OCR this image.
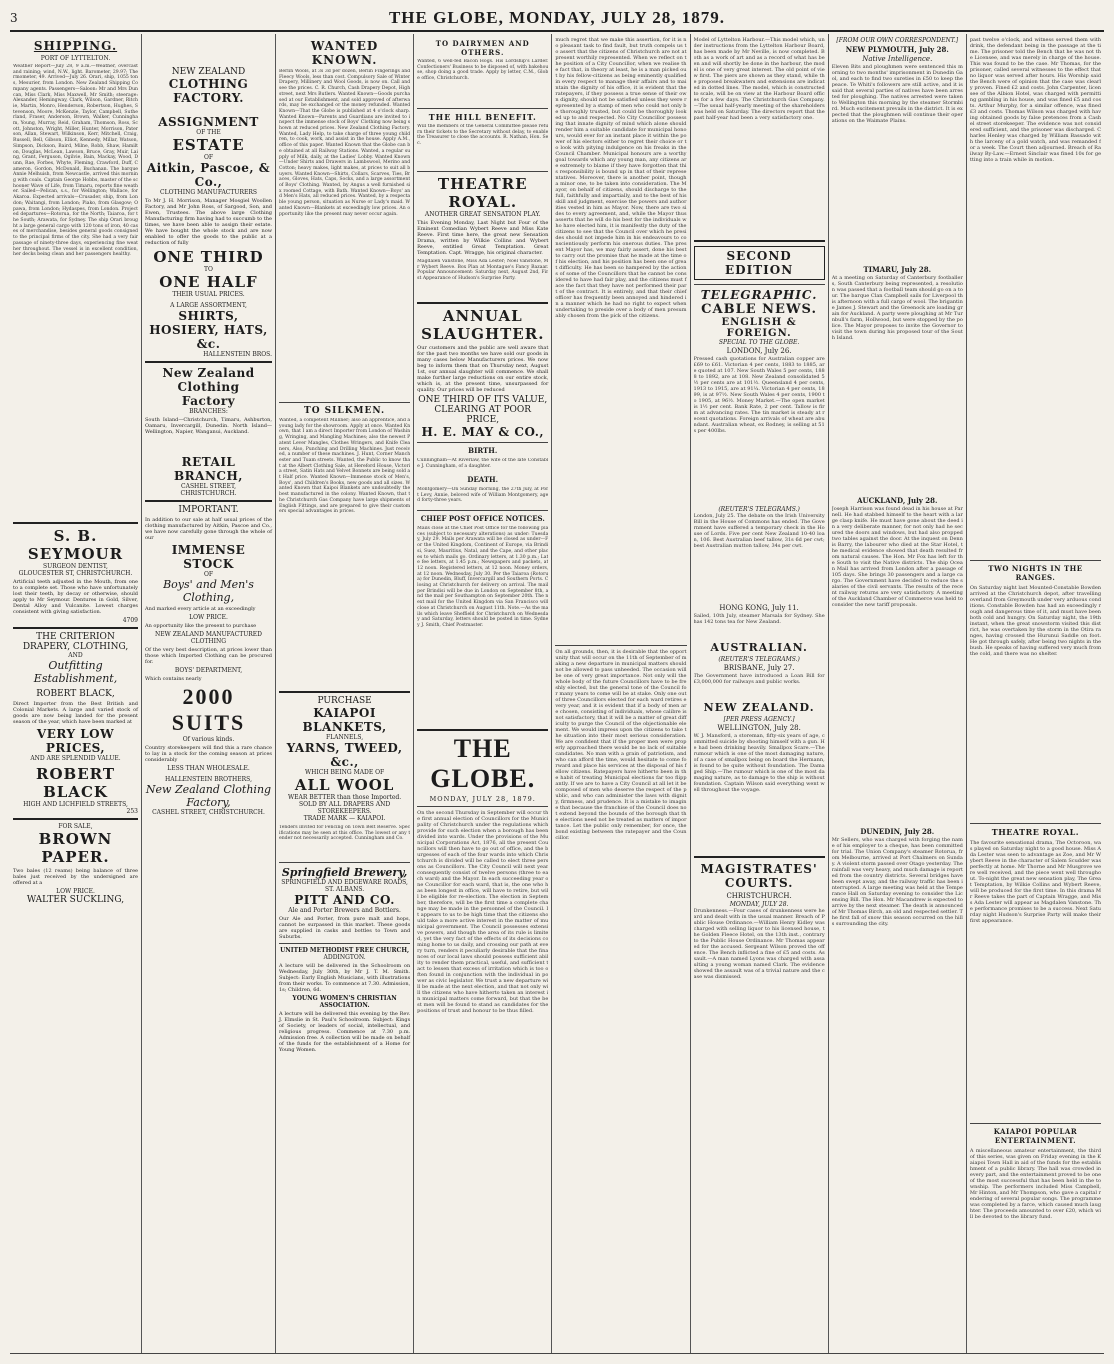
3	THE GLOBE, MONDAY, JULY 28, 1879.
SHIPPING.
PORT OF LYTTELTON.
Weather Report—July 28, 9 a.m.—Weather, overcast and raining; wind, N.W., light. Barometer, 29.97; Thermometer, 49. Arrived—July 26. Orari, ship, 1055 tons, Mesurier, from London. New Zealand Shipping Company agents. Passengers—Saloon: Mr and Mrs Duncan, Miss Clark, Miss Maxwell, Mr Smith; steerage: Alexander, Hemingway, Clark, Wilson, Gardner, Ritchie, Martin, Monro, Henderson, Robertson, Hughes, Stevenson, Moore, McKenzie, Taylor, Campbell, Sutherland, Fraser, Anderson, Brown, Walker, Cunningham, Young, Murray, Reid, Graham, Thomson, Ross, Scott, Johnston, Wright, Miller, Hunter, Morrison, Paterson, Allan, Stewart, Wilkinson, Kerr, Mitchell, Craig, Russell, Bell, Gibson, Elliot, Kennedy, Millar, Watson, Simpson, Dickson, Baird, Milne, Robb, Shaw, Hamilton, Douglas, McLean, Lawson, Bruce, Gray, Muir, Laing, Grant, Ferguson, Ogilvie, Bain, Mackay, Wood, Dunn, Rae, Forbes, Whyte, Fleming, Crawford, Duff, Cameron, Gordon, McDonald, Buchanan. The barque Annie Melhuish, from Newcastle, arrived this morning with coals. Captain George Hobbs, master of the schooner Wave of Life, from Timaru, reports fine weather. Sailed—Pelican, s.s., for Wellington; Wallace, for Akaroa. Expected arrivals—Crusader, ship, from London; Waitangi, from London; Piako, from Glasgow; Opawa, from London; Hydaspes, from London. Projected departures—Rotorua, for the North; Taiaroa, for the South; Arawata, for Sydney. The ship Orari brought a large general cargo with 120 tons of iron, 40 cases of merchandise, besides general goods consigned to the principal firms of the city. She had a very fair passage of ninety-three days, experiencing fine weather throughout. The vessel is in excellent condition, her decks being clean and her passengers healthy.
S. B. SEYMOUR
SURGEON DENTIST,
GLOUCESTER ST, CHRISTCHURCH.

Artificial teeth adjusted in the Mouth, from one to a complete set. Those who have unfortunately lost their teeth, by decay or otherwise, should apply to Mr Seymour. Dentures in Gold, Silver, Dental Alloy and Vulcanite. Lowest charges consistent with giving satisfaction.

4709
THE CRITERION
DRAPERY, CLOTHING,
AND
Outfitting Establishment,
ROBERT BLACK,

Direct Importer from the Best British and Colonial Markets. A large and varied stock of goods are now being landed for the present season of the year, which have been marked at

VERY LOW PRICES,
AND ARE SPLENDID VALUE.
ROBERT BLACK
HIGH AND LICHFIELD STREETS,
253
FOR SALE,
BROWN PAPER.

Two bales (12 reams) being balance of three bales just received by the undersigned are offered at a

LOW PRICE.
WALTER SUCKLING,
NEW ZEALAND
CLOTHING FACTORY.
ASSIGNMENT
OF THE
ESTATE
OF
Aitkin, Pascoe, & Co.,
CLOTHING MANUFACTURERS

To Mr J. H. Morrison, Manager Mosgiel Woollen Factory, and Mr John Ross, of Sargood, Son, and Ewen, Trustees. The above large Clothing Manufacturing firm having had to succumb to the times, we have been able to assign their estate. We have bought the whole stock and are now enabled to offer the goods to the public at a reduction of fully

ONE THIRD
TO
ONE HALF
THEIR USUAL PRICES.
A LARGE ASSORTMENT,
SHIRTS, HOSIERY, HATS, &c.
HALLENSTEIN BROS.
New Zealand Clothing
Factory
BRANCHES:

South Island—Christchurch, Timaru, Ashburton, Oamaru, Invercargill, Dunedin. North Island—Wellington, Napier, Wanganui, Auckland.

RETAIL BRANCH,
CASHEL STREET,
CHRISTCHURCH.
IMPORTANT.

In addition to our sale at half usual prices of the clothing manufactured by Aitkin, Pascoe and Co., we have now carefully gone through the whole of our

IMMENSE STOCK
OF
Boys' and Men's Clothing,

And marked every article at an exceedingly

LOW PRICE.

An opportunity like the present to purchase

NEW ZEALAND MANUFACTURED CLOTHING

Of the very best description, at prices lower than those which Imported Clothing can be procured for.

BOYS' DEPARTMENT,

Which contains nearly

2000 SUITS
Of various kinds.

Country storekeepers will find this a rare chance to lay in a stock for the coming season at prices considerably

LESS THAN WHOLESALE.
HALLENSTEIN BROTHERS,
New Zealand Clothing
Factory,
CASHEL STREET, CHRISTCHURCH.
WANTED KNOWN.
Berlin Wools, at 3s 3d per dozen, Berlin Fingerings and Fleecy Wools, less than cost. Compulsory Sale of Winter Drapery, Millinery and Wool Goods, is now on. Call and see the prices. C. R. Church, Cash Drapery Depot, High street, next Mrs Butlers. Wanted Known—Goods purchased at our Establishment, and sold approved of afterwards, may be exchanged or the money refunded. Wanted Known—That the Globe is published at 4 o'clock sharp. Wanted Known—Parents and Guardians are invited to inspect the immense stock of Boys' Clothing now being shown at reduced prices. New Zealand Clothing Factory. Wanted, Lady Help, to take charge of three young children, to cook, work, and assist in the house. Apply A.M., office of this paper. Wanted Known that the Globe can be obtained at all Railway Stations. Wanted, a regular supply of Milk, daily, at the Ladies' Lobby. Wanted Known—Under Shirts and Drawers in Lambswool, Merino and Cotton; heavy makes, light makes, at prices to suit all buyers. Wanted Known—Shirts, Collars, Scarves, Ties, Braces, Gloves, Hats, Caps, Socks, and a large assortment of Boys' Clothing. Wanted, by Angus a well furnished six roomed Cottage, with Bath. Wanted Known—Boys' and Men's Hats, all reduced prices. Wanted, by a respectable young person, situation as Nurse or Lady's maid. Wanted Known—Blankets at exceedingly low prices. An opportunity like the present may never occur again.
TO SILKMEN.
Wanted, a competent Milliner; also an apprentice, and a young lady for the showroom. Apply at once. Wanted Known, that I am a direct Importer from London of Washing, Wringing, and Mangling Machines; also the newest Patent Lever Mangles, Clothes Wringers, and Knife Cleaners, Also, Punching and Drilling Machines. Just received, a number of these machines. J. Hunt, Corner Manchester and Tuam streets. Wanted, the Public to know that at the Albert Clothing Sale, at Hereford House, Victoria street, Satin Hats and Velvet Bonnets are being sold at Half price. Wanted Known—Immense stock of Men's, Boys', and Children's Books, new goods and all sizes. Wanted Known that Kaipoi Blankets are undoubtedly the best manufactured in the colony. Wanted Known, that the Christchurch Gas Company have large shipments of English Fittings, and are prepared to give their customers special advantages in prices.
PURCHASE
KAIAPOI BLANKETS,
FLANNELS,
YARNS, TWEED, &c.,
WHICH BEING MADE OF
ALL WOOL
WEAR BETTER than those Imported.
SOLD BY ALL DRAPERS AND STOREKEEPERS.
TRADE MARK — KAIAPOI.
Tenders invited for Fencing on Town Belt Reserve. Specifications may be seen at this office. The lowest or any tender not necessarily accepted. Cunningham and Co.
Springfield Brewery,
SPRINGFIELD AND EDGEWARE ROADS, ST. ALBANS.
PITT AND CO.
Ale and Porter Brewers and Bottlers.

Our Ale and Porter, from pure malt and hops, cannot be surpassed in this market. These goods are supplied in casks and bottles to Town and Suburbs.

UNITED METHODIST FREE CHURCH,
ADDINGTON.

A lecture will be delivered in the Schoolroom on Wednesday, July 30th, by Mr J. T. M. Smith. Subject: Early English Musicians, with illustrations from their works. To commence at 7.30. Admission, 1s; Children, 6d.

YOUNG WOMEN'S CHRISTIAN ASSOCIATION.

A lecture will be delivered this evening by the Rev. J. Elmslie in St. Paul's Schoolroom. Subject: Kings of Society, or leaders of social, intellectual, and religious progress. Commence at 7.30 p.m. Admission free. A collection will be made on behalf of the funds for the establishment of a Home for Young Women.

TO DAIRYMEN AND OTHERS.
Wanted, 6 well-fed Bacon Hogs. His Lordship's Larder. Confectioners' Business to be disposed of, with bakehouse, shop doing a good trade. Apply by letter, C.M., Globe office, Christchurch.
THE HILL BENEFIT.
Will the members of the General Committee please return their tickets to the Secretary without delay, to enable the Treasurer to close the accounts. R. Nathan, Hon. Sec.
THEATRE ROYAL.
ANOTHER GREAT SENSATION PLAY.

This Evening Monday, Last Night but Four of the Eminent Comedian Wybert Reeve and Miss Kate Reeve. First time here, the great new Sensation Drama, written by Wilkie Collins and Wybert Reeve, entitled Great Temptation. Great Temptation. Capt. Wragge, his original character.

Magdalen Vanstone, Miss Ada Lester; Noel Vanstone, Mr Wybert Reeve. Box Plan at Montague's Fancy Bazaar. Popular Announcement: Saturday next, August 2nd, First Appearance of Hudson's Surprise Party.
ANNUAL SLAUGHTER.

Our customers and the public are well aware that for the past two months we have sold our goods in many cases below Manufacturers prices. We now beg to inform them that on Thursday next, August 1st, our annual slaughter will commence. We shall make further large reductions on our entire stock, which is, at the present time, unsurpassed for quality. Our prices will be reduced

ONE THIRD OF ITS VALUE,
CLEARING AT POOR PRICE,
H. E. MAY & CO.,
BIRTH.
Cunningham—At Riverlaw, the wife of the late Constable J. Cunningham, of a daughter.
DEATH.
Montgomery—On Sunday morning, the 27th July, at Port Levy, Annie, beloved wife of William Montgomery, aged forty-three years.
CHIEF POST OFFICE NOTICES.
Mails close at the Chief Post Office for the following places (subject to necessary alterations) as under: Tuesday, July 29. Mails per Arawata will be closed as under—For the United Kingdom, Continent of Europe, via Brindisi, Suez, Mauritius, Natal, and the Cape, and other places to which mails go. Ordinary letters, at 1.30 p.m.; Late fee letters, at 1.45 p.m.; Newspapers and packets, at 12 noon. Registered letters, at 12 noon. Money orders, at 12 noon. Wednesday, July 30. Per the Taiaroa (Rotorua) for Dunedin, Bluff, Invercargill and Southern Ports. Closing at Christchurch for delivery on arrival. The mail per Brindisi will be due in London on September 8th, and the mail per Southampton on September 20th. The next mail for the United Kingdom via San Francisco will close at Christchurch on August 11th. Note.—As the mails which leave Sheffield for Christchurch on Wednesday and Saturday, letters should be posted in time. Sydney J. Smith, Chief Postmaster.
THE GLOBE.
MONDAY, JULY 28, 1879.
On the second Thursday in September will occur the first annual election of Councillors for the Municipality of Christchurch under the regulations which provide for such election when a borough has been divided into wards. Under the provisions of the Municipal Corporations Act, 1876, all the present Councillors will then have to go out of office, and the burgesses of each of the four wards into which Christchurch is divided will be called to elect three persons as Councillors. The City Council will next year consequently consist of twelve persons (three to each ward) and the Mayor. In each succeeding year one Councillor for each ward, that is, the one who has been longest in office, will have to retire, but will be eligible for re-election. The election in September, therefore, will be the first time a complete change may be made in the personnel of the Council. It appears to us to be high time that the citizens should take a more active interest in the matter of municipal government. The Council possesses extensive powers, and though the area of its rule is limited, yet the very fact of the effects of its decisions coming home to us daily, and crossing our path at every turn, renders it peculiarly desirable that the finances of our local laws should possess sufficient ability to render them practical, useful, and sufficient tact to lessen that excess of irritation which is too often found in conjunction with the individual in power as civic legislator. We trust a new departure will be made at the next election, and that not only will the citizens who have hitherto taken an interest in municipal matters come forward, but that the best men will be found to stand as candidates for the positions of trust and honour to be thus filled.
much regret that we make this assertion, for it is no pleasant task to find fault, but truth compels us to assert that the citizens of Christchurch are not at present worthily represented. When we reflect on the position of a City Councillor, when we realise the fact that, in theory at least, he is a man picked out by his fellow-citizens as being eminently qualified in every respect to manage their affairs and to maintain the dignity of his office, it is evident that the ratepayers, if they possess a true sense of their own dignity, should not be satisfied unless they were represented by a stamp of men who could not only be thoroughly trusted, but could be thoroughly looked up to and respected. No City Councillor possessing that innate dignity of mind which alone should render him a suitable candidate for municipal honours, would ever for an instant place it within the power of his electors either to regret their choice or to look with pitying indulgence on his freaks in the Council Chamber. Municipal honours are a worthy goal towards which any young man, any citizens are extremely to blame if they have forgotten that this responsibility is bound up in that of their representatives. Moreover, there is another point, though a minor one, to be taken into consideration. The Mayor, on behalf of citizens, should discharge to the full, faithfully and impartially, and to the best of his skill and judgment, exercise the powers and authorities vested in him as Mayor. Now, there are two sides to every agreement, and, while the Mayor thus asserts that he will do his best for the individuals who have elected him, it is manifestly the duty of the citizens to see that the Council over which he presides should not impede him in his endeavours to conscientiously perform his onerous duties. The present Mayor has, we may fairly assert, done his best to carry out the promise that he made at the time of his election, and his position has been one of great difficulty. He has been so hampered by the actions of some of the Councillors that he cannot be considered to have had fair play, and the citizens must face the fact that they have not performed their part of the contract. It is entirely, and that their chief officer has frequently been annoyed and hindered in a manner which he had no right to expect when undertaking to preside over a body of men presumably chosen from the pick of the citizens.
On all grounds, then, it is desirable that the opportunity that will occur on the 11th of September of making a new departure in municipal matters should not be allowed to pass unheeded. The occasion will be one of very great importance. Not only will the whole body of the future Councillors have to be freshly elected, but the general tone of the Council for many years to come will be at stake. Only one out of three Councillors elected for each ward retires every year, and it is evident that if a body of men are chosen, consisting of individuals, whose calibre is not satisfactory, that it will be a matter of great difficulty to purge the Council of the objectionable element. We would impress upon the citizens to take the situation into their most serious consideration. We are confident that if the proper men were properly approached there would be no lack of suitable candidates. No man with a grain of patriotism, and who can afford the time, would hesitate to come forward and place his services at the disposal of his fellow citizens. Ratepayers have hitherto been in the habit of treating Municipal elections far too flippantly. If we are to have a City Council at all let it be composed of men who deserve the respect of the public, and who can administer the laws with dignity, firmness, and prudence. It is a mistake to imagine that because the franchise of the Council does not extend beyond the bounds of the borough that the elections need not be treated as matters of importance. Let the public only remember, for once, the bond existing between the ratepayer and the Councillor.
Model of Lyttelton Harbour.—This model which, under instructions from the Lyttelton Harbour Board, has been made by Mr Neville, is now completed. Both as a work of art and as a record of what has been and will shortly be done in the harbour, the model is one of very great interest. The old point of view first. The piers are shown as they stand, while the proposed breakwaters and extensions are indicated in dotted lines. The model, which is constructed to scale, will be on view at the Harbour Board offices for a few days. The Christchurch Gas Company.—The usual half-yearly meeting of the shareholders was held on Saturday. The directors report that the past half-year had been a very satisfactory one.
SECOND EDITION
TELEGRAPHIC.
CABLE NEWS.
ENGLISH & FOREIGN.
SPECIAL TO THE GLOBE.
LONDON, July 26.
Pressed cash quotations for Australian copper are £69 to £61. Victorian 4 per cents, 1883 to 1885, are quoted at 107. New South Wales 5 per cents, 1888 to 1892, are at 108. New Zealand consolidated 5½ per cents are at 101½. Queensland 4 per cents, 1913 to 1915, are at 91¼. Victorian 4 per cents, 1899, is at 97½. New South Wales 4 per cents, 1900 to 1905, at 96½. Money Market.—The open market is 1½ per cent. Bank Rate, 2 per cent. Tallow is firm at advancing rates. The tin market is steady at recent quotations. Foreign arrivals of wheat are abundant. Australian wheat, ex Rodney, is selling at 51s per 400lbs.
(REUTER'S TELEGRAMS.)
London, July 25. The debate on the Irish University Bill in the House of Commons has ended. The Government have suffered a temporary check in the House of Lords. Five per cent New Zealand 10-40 loan, 106. Best Australian beef tallow, 31s 6d per cwt; best Australian mutton tallow, 34s per cwt.
HONG KONG, July 11.
Sailed, 10th July, steamer Marsala for Sydney. She has 142 tons tea for New Zealand.
AUSTRALIAN.
(REUTER'S TELEGRAMS.)
BRISBANE, July 27.
The Government have introduced a Loan Bill for £3,000,000 for railways and public works.
NEW ZEALAND.
[PER PRESS AGENCY.]
WELLINGTON, July 28.
W. J. Mansford, a storeman, fifty-six years of age, committed suicide by shooting himself with a gun. He had been drinking heavily. Smallpox Scare.—The rumour which is one of the most damaging nature, of a case of smallpox being on board the Hermann, is found to be quite without foundation. The Damaged Ship.—The rumour which is one of the most damaging nature, as to damage to the ship is without foundation. Captain Wilson said everything went well throughout the voyage.
MAGISTRATES' COURTS.
CHRISTCHURCH.
MONDAY, JULY 28.
Drunkenness.—Four cases of drunkenness were heard and dealt with in the usual manner. Breach of Public House Ordinance.—William Henry Kidley was charged with selling liquor to his licensed house, the Golden Fleece Hotel, on the 13th inst., contrary to the Public House Ordinance. Mr Thomas appeared for the accused. Sergeant Wilson proved the offence. The Bench inflicted a fine of £5 and costs. Assault.—A man named Lyons was charged with assaulting a young woman named Clark. The evidence showed the assault was of a trivial nature and the case was dismissed.
[FROM OUR OWN CORRESPONDENT.]
NEW PLYMOUTH, July 28.
Native Intelligence.
Eleven Bits and ploughmen were sentenced this morning to two months' imprisonment in Dunedin Gaol, and each to find two sureties in £50 to keep the peace. Te Whiti's followers are still active, and it is said that several parties of natives have been arrested for ploughing. The natives arrested were taken to Wellington this morning by the steamer Stormbird. Much excitement prevails in the district. It is expected that the ploughmen will continue their operations on the Waimate Plains.
TIMARU, July 28.
At a meeting on Saturday of Canterbury footballers, South Canterbury being represented, a resolution was passed that a football team should go on a tour. The barque Clan Campbell sails for Liverpool this afternoon with a full cargo of wool. The brigantine James J. Stewart and the Greenock are loading grain for Auckland. A party were ploughing at Mr Turnbull's farm, Hollwood, but were stopped by the police. The Mayor proposes to invite the Governor to visit the town during his proposed tour of the South Island.
AUCKLAND, July 28.
Joseph Harrison was found dead in his house at Parnell. He had stabbed himself to the heart with a large clasp knife. He must have gone about the deed in a very deliberate manner, for not only had he secured the doors and windows, but had also propped two tables against the door. At the inquest on Dennis Barry, the labourer who died at the Star Hotel, the medical evidence showed that death resulted from natural causes. The Hon. Mr Fox has left for the South to visit the Native districts. The ship Ocean Mail has arrived from London after a passage of 105 days. She brings 30 passengers and a large cargo. The Government have decided to reduce the salaries of the civil servants. The results of the recent railway returns are very satisfactory. A meeting of the Auckland Chamber of Commerce was held to consider the new tariff proposals.
DUNEDIN, July 28.
Mr Sellers, who was charged with forging the name of his employer to a cheque, has been committed for trial. The Union Company's steamer Rotorua, from Melbourne, arrived at Port Chalmers on Sunday. A violent storm passed over Otago yesterday. The rainfall was very heavy, and much damage is reported from the country districts. Several bridges have been swept away, and the railway traffic has been interrupted. A large meeting was held at the Temperance Hall on Saturday evening to consider the Licensing Bill. The Hon. Mr Macandrew is expected to arrive by the next steamer. The death is announced of Mr Thomas Birch, an old and respected settler. The first fall of snow this season occurred on the hills surrounding the city.
past twelve o'clock, and witness served them with drink, the defendant being in the passage at the time. The prisoner told the Bench that he was not the Licensee, and was merely in charge of the house. This was found to be the case. Mr Thomas, for the prisoner, called several witnesses to the effect that no liquor was served after hours. His Worship said the Bench were of opinion that the case was clearly proven. Fined £2 and costs. John Carpenter, licensee of the Albion Hotel, was charged with permitting gambling in his house, and was fined £5 and costs. Arthur Murphy, for a similar offence, was fined £3 and costs. Thomas Wilson was charged with having obtained goods by false pretences from a Cashel street storekeeper. The evidence was not considered sufficient, and the prisoner was discharged. Charles Henley was charged by William Bassado with the larceny of a gold watch, and was remanded for a week. The Court then adjourned. Breach of Railway By-Law.—Ernest Sinclair was fined 10s for getting into a train while in motion.
TWO NIGHTS IN THE RANGES.
On Saturday night last Mounted-Constable Bowden arrived at the Christchurch depot, after travelling overland from Greymouth under very arduous conditions. Constable Bowden has had an exceedingly rough and dangerous time of it, and must have been both cold and hungry. On Saturday night, the 19th instant, when the great snowstorm visited this district, he was overtaken by the storm in the Otira ranges, having crossed the Hurunui Saddle on foot. He got through safely, after being two nights in the bush. He speaks of having suffered very much from the cold, and there was no shelter.
THEATRE ROYAL.
The favourite sensational drama, The Octoroon, was played on Saturday night to a good house. Miss Ada Lester was seen to advantage as Zoe, and Mr Wybert Reeve in the character of Salem Scudder was perfectly at home. Mr Thorne and Mr Musgrove were well received, and the piece went well throughout. To-night the great new sensation play, The Great Temptation, by Wilkie Collins and Wybert Reeve, will be produced for the first time. In this drama Mr Reeve takes the part of Captain Wragge, and Miss Ada Lester will appear as Magdalen Vanstone. The performance promises to be a success. Next Saturday night Hudson's Surprise Party will make their first appearance.
KAIAPOI POPULAR ENTERTAINMENT.
A miscellaneous amateur entertainment, the third of this series, was given on Friday evening in the Kaiapoi Town Hall in aid of the funds for the establishment of a public library. The hall was crowded in every part, and the entertainment proved to be one of the most successful that has been held in the township. The performers included Miss Campbell, Mr Hinton, and Mr Thompson, who gave a capital rendering of several popular songs. The programme was completed by a farce, which caused much laughter. The proceeds amounted to over £20, which will be devoted to the library fund.
